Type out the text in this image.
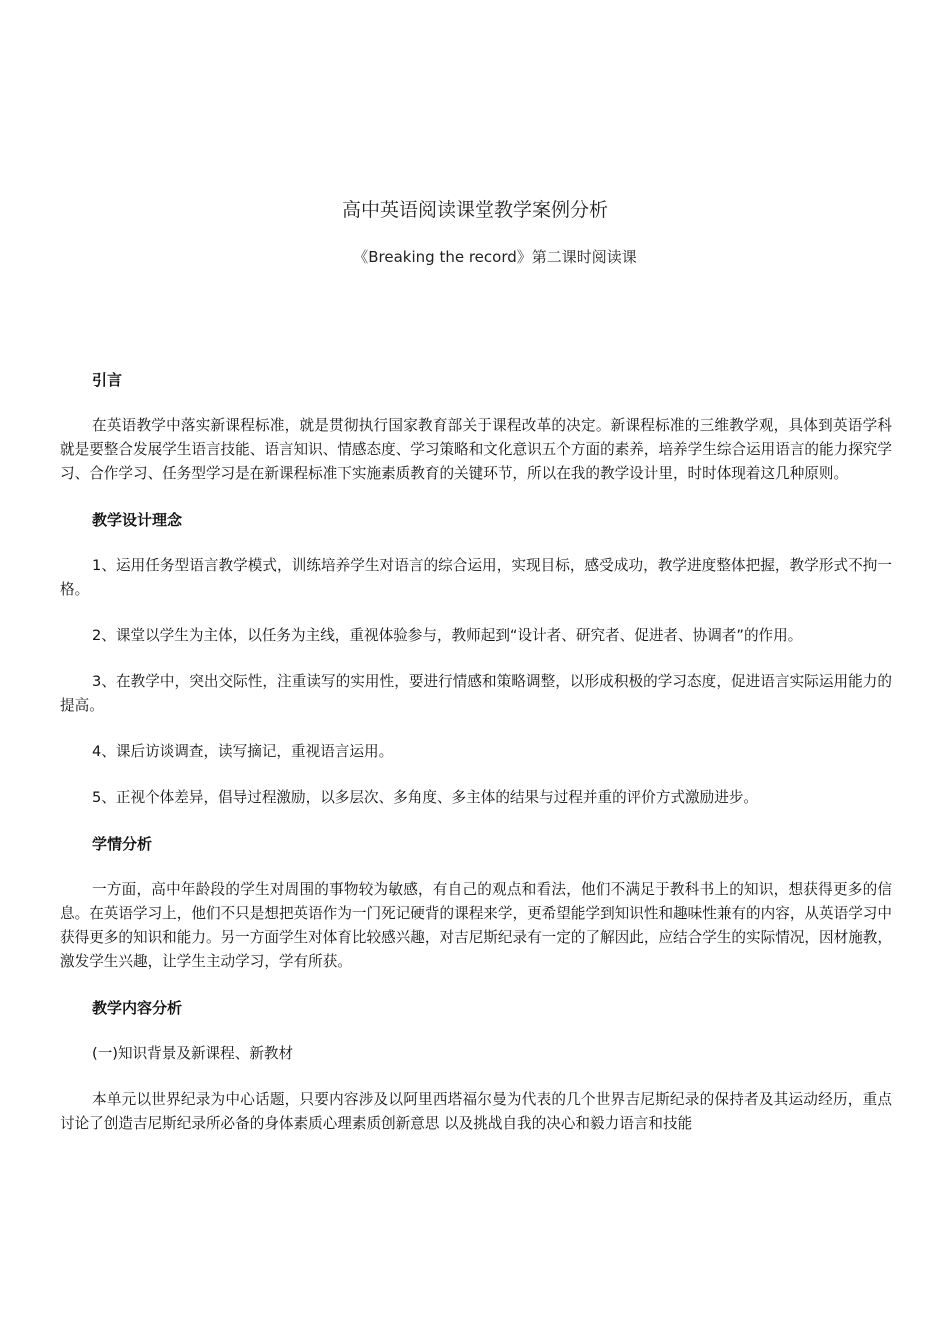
高中英语阅读课堂教学案例分析
《Breaking the record》第二课时阅读课
引言
在英语教学中落实新课程标准，就是贯彻执行国家教育部关于课程改革的决定。新课程标准的三维教学观，具体到英语学科就是要整合发展学生语言技能、语言知识、情感态度、学习策略和文化意识五个方面的素养，培养学生综合运用语言的能力探究学习、合作学习、任务型学习是在新课程标准下实施素质教育的关键环节，所以在我的教学设计里，时时体现着这几种原则。
教学设计理念
1、运用任务型语言教学模式，训练培养学生对语言的综合运用，实现目标，感受成功，教学进度整体把握，教学形式不拘一格。
2、课堂以学生为主体，以任务为主线，重视体验参与，教师起到“设计者、研究者、促进者、协调者”的作用。
3、在教学中，突出交际性，注重读写的实用性，要进行情感和策略调整，以形成积极的学习态度，促进语言实际运用能力的提高。
4、课后访谈调查，读写摘记，重视语言运用。
5、正视个体差异，倡导过程激励，以多层次、多角度、多主体的结果与过程并重的评价方式激励进步。
学情分析
一方面，高中年龄段的学生对周围的事物较为敏感，有自己的观点和看法，他们不满足于教科书上的知识，想获得更多的信息。在英语学习上，他们不只是想把英语作为一门死记硬背的课程来学，更希望能学到知识性和趣味性兼有的内容，从英语学习中获得更多的知识和能力。另一方面学生对体育比较感兴趣，对吉尼斯纪录有一定的了解因此，应结合学生的实际情况，因材施教，激发学生兴趣，让学生主动学习，学有所获。
教学内容分析
(一)知识背景及新课程、新教材
本单元以世界纪录为中心话题，只要内容涉及以阿里西塔福尔曼为代表的几个世界吉尼斯纪录的保持者及其运动经历，重点讨论了创造吉尼斯纪录所必备的身体素质心理素质创新意思 以及挑战自我的决心和毅力语言和技能
